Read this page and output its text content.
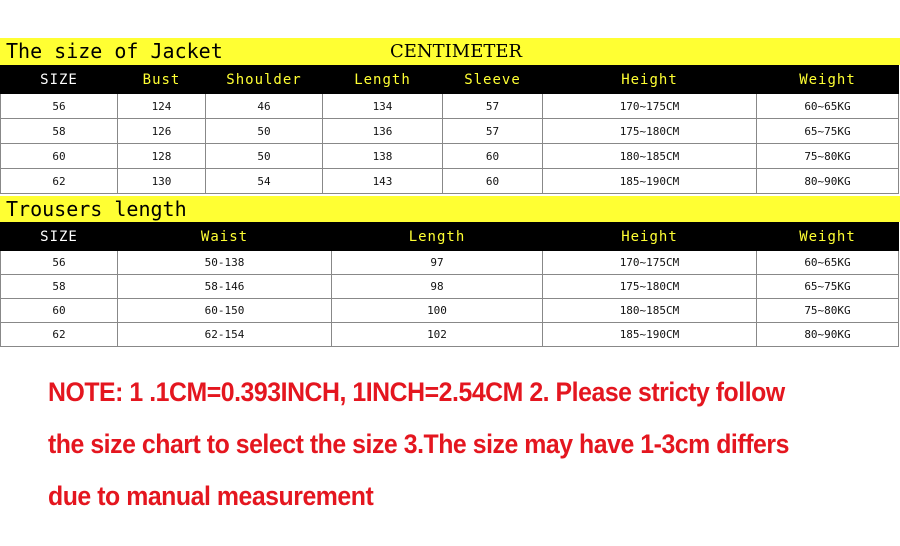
The size of Jacket	CENTIMETER
SIZE	Bust	Shoulder	Length	Sleeve	Height	Weight
56	124	46	134	57	170~175CM	60~65KG
58	126	50	136	57	175~180CM	65~75KG
60	128	50	138	60	180~185CM	75~80KG
62	130	54	143	60	185~190CM	80~90KG
Trousers length
SIZE	Waist	Length	Height	Weight
56	50-138	97	170~175CM	60~65KG
58	58-146	98	175~180CM	65~75KG
60	60-150	100	180~185CM	75~80KG
62	62-154	102	185~190CM	80~90KG
NOTE: 1 .1CM=0.393INCH, 1INCH=2.54CM 2. Please stricty follow the size chart to select the size 3.The size may have 1-3cm differs due to manual measurement
